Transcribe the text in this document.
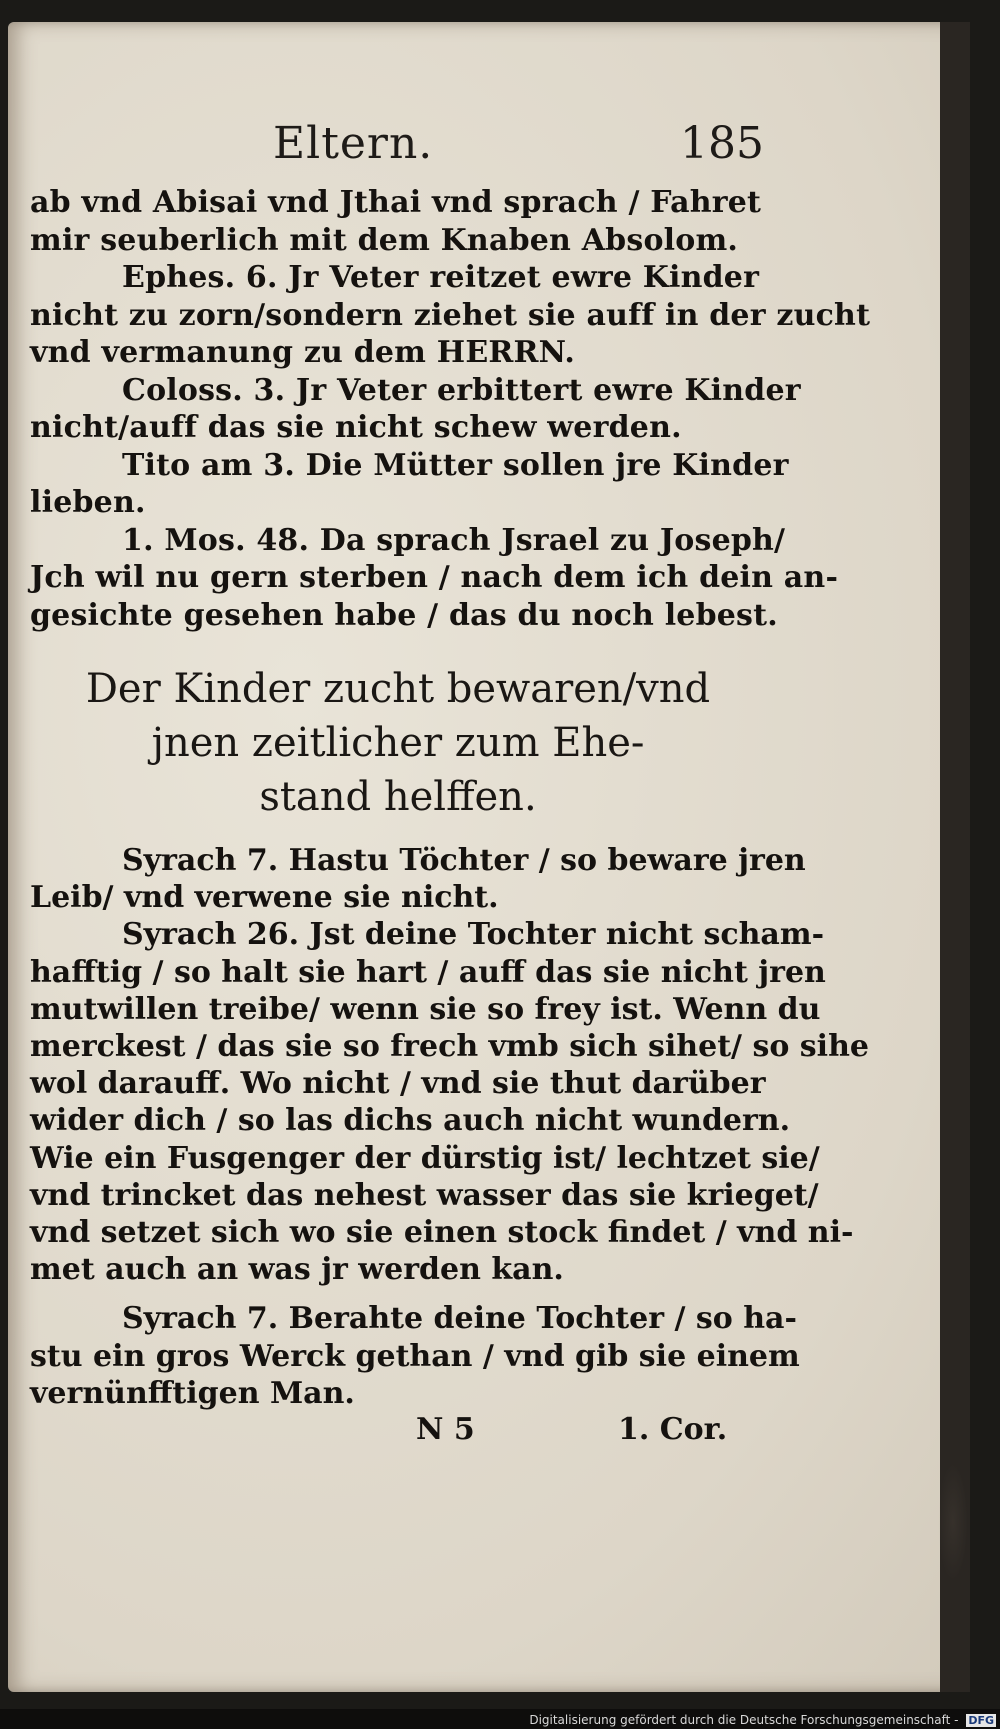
Eltern.	185
ab vnd Abisai vnd Jthai vnd sprach / Fahret
mir seuberlich mit dem Knaben Absolom.
Ephes. 6. Jr Veter reitzet ewre Kinder
nicht zu zorn/sondern ziehet sie auff in der zucht
vnd vermanung zu dem HERRN.
Coloss. 3. Jr Veter erbittert ewre Kinder
nicht/auff das sie nicht schew werden.
Tito am 3. Die Mütter sollen jre Kinder
lieben.
1. Mos. 48. Da sprach Jsrael zu Joseph/
Jch wil nu gern sterben / nach dem ich dein an-
gesichte gesehen habe / das du noch lebest.
Der Kinder zucht bewaren/vnd
jnen zeitlicher zum Ehe-
stand helffen.
Syrach 7. Hastu Töchter / so beware jren
Leib/ vnd verwene sie nicht.
Syrach 26. Jst deine Tochter nicht scham-
hafftig / so halt sie hart / auff das sie nicht jren
mutwillen treibe/ wenn sie so frey ist. Wenn du
merckest / das sie so frech vmb sich sihet/ so sihe
wol darauff. Wo nicht / vnd sie thut darüber
wider dich / so las dichs auch nicht wundern.
Wie ein Fusgenger der dürstig ist/ lechtzet sie/
vnd trincket das nehest wasser das sie krieget/
vnd setzet sich wo sie einen stock findet / vnd ni-
met auch an was jr werden kan.
Syrach 7. Berahte deine Tochter / so ha-
stu ein gros Werck gethan / vnd gib sie einem
vernünfftigen Man.
N 5	1. Cor.
Digitalisierung gefördert durch die Deutsche Forschungsgemeinschaft - DFG
